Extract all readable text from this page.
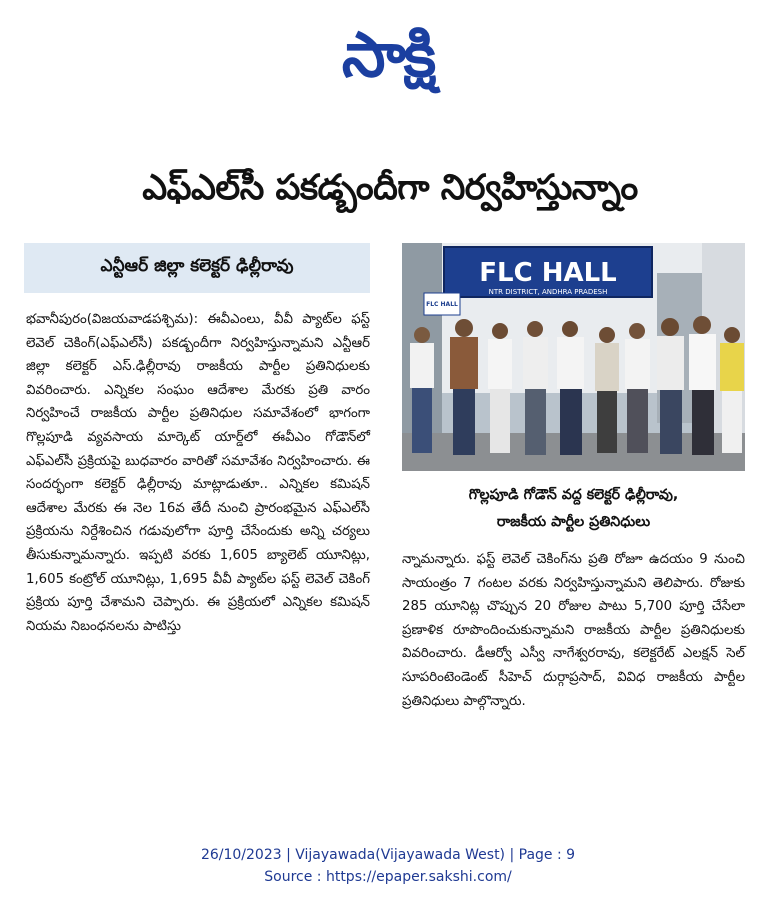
సాక్షి
ఎఫ్‌ఎల్‌సీ పకడ్బందీగా నిర్వహిస్తున్నాం
ఎన్టీఆర్ జిల్లా కలెక్టర్ ఢిల్లీరావు
భవానీపురం(విజయవాడపశ్చిమ): ఈవీఎంలు, వీవీ ప్యాట్‌ల ఫస్ట్ లెవెల్ చెకింగ్(ఎఫ్‌ఎల్‌సీ) పకడ్బందీగా నిర్వహిస్తున్నామని ఎన్టీఆర్ జిల్లా కలెక్టర్ ఎస్.ఢిల్లీరావు రాజకీయ పార్టీల ప్రతినిధులకు వివరించారు. ఎన్నికల సంఘం ఆదేశాల మేరకు ప్రతి వారం నిర్వహించే రాజకీయ పార్టీల ప్రతినిధుల సమావేశంలో భాగంగా గొల్లపూడి వ్యవసాయ మార్కెట్ యార్డ్‌లో ఈవీఎం గోడౌన్‌లో ఎఫ్‌ఎల్‌సీ ప్రక్రియపై బుధవారం వారితో సమావేశం నిర్వహించారు. ఈ సందర్భంగా కలెక్టర్ ఢిల్లీరావు మాట్లాడుతూ.. ఎన్నికల కమిషన్ ఆదేశాల మేరకు ఈ నెల 16వ తేదీ నుంచి ప్రారంభమైన ఎఫ్‌ఎల్‌సీ ప్రక్రియను నిర్దేశించిన గడువులోగా పూర్తి చేసేందుకు అన్ని చర్యలు తీసుకున్నామన్నారు. ఇప్పటి వరకు 1,605 బ్యాలెట్ యూనిట్లు, 1,605 కంట్రోల్ యూనిట్లు, 1,695 వీవీ ప్యాట్‌ల ఫస్ట్ లెవెల్ చెకింగ్ ప్రక్రియ పూర్తి చేశామని చెప్పారు. ఈ ప్రక్రియలో ఎన్నికల కమిషన్ నియమ నిబంధనలను పాటిస్తు
FLC HALL
NTR DISTRICT, ANDHRA PRADESH
FLC HALL
గొల్లపూడి గోడౌన్ వద్ద కలెక్టర్ ఢిల్లీరావు,
రాజకీయ పార్టీల ప్రతినిధులు
న్నామన్నారు. ఫస్ట్ లెవెల్ చెకింగ్‌ను ప్రతి రోజూ ఉదయం 9 నుంచి సాయంత్రం 7 గంటల వరకు నిర్వహిస్తున్నామని తెలిపారు. రోజుకు 285 యూనిట్ల చొప్పున 20 రోజుల పాటు 5,700 పూర్తి చేసేలా ప్రణాళిక రూపొందించుకున్నామని రాజకీయ పార్టీల ప్రతినిధులకు వివరించారు. డీఆర్వో ఎస్వీ నాగేశ్వరరావు, కలెక్టరేట్ ఎలక్షన్ సెల్ సూపరింటెండెంట్ సీహెచ్ దుర్గాప్రసాద్, వివిధ రాజకీయ పార్టీల ప్రతినిధులు పాల్గొన్నారు.
26/10/2023 | Vijayawada(Vijayawada West) | Page : 9
Source : https://epaper.sakshi.com/
